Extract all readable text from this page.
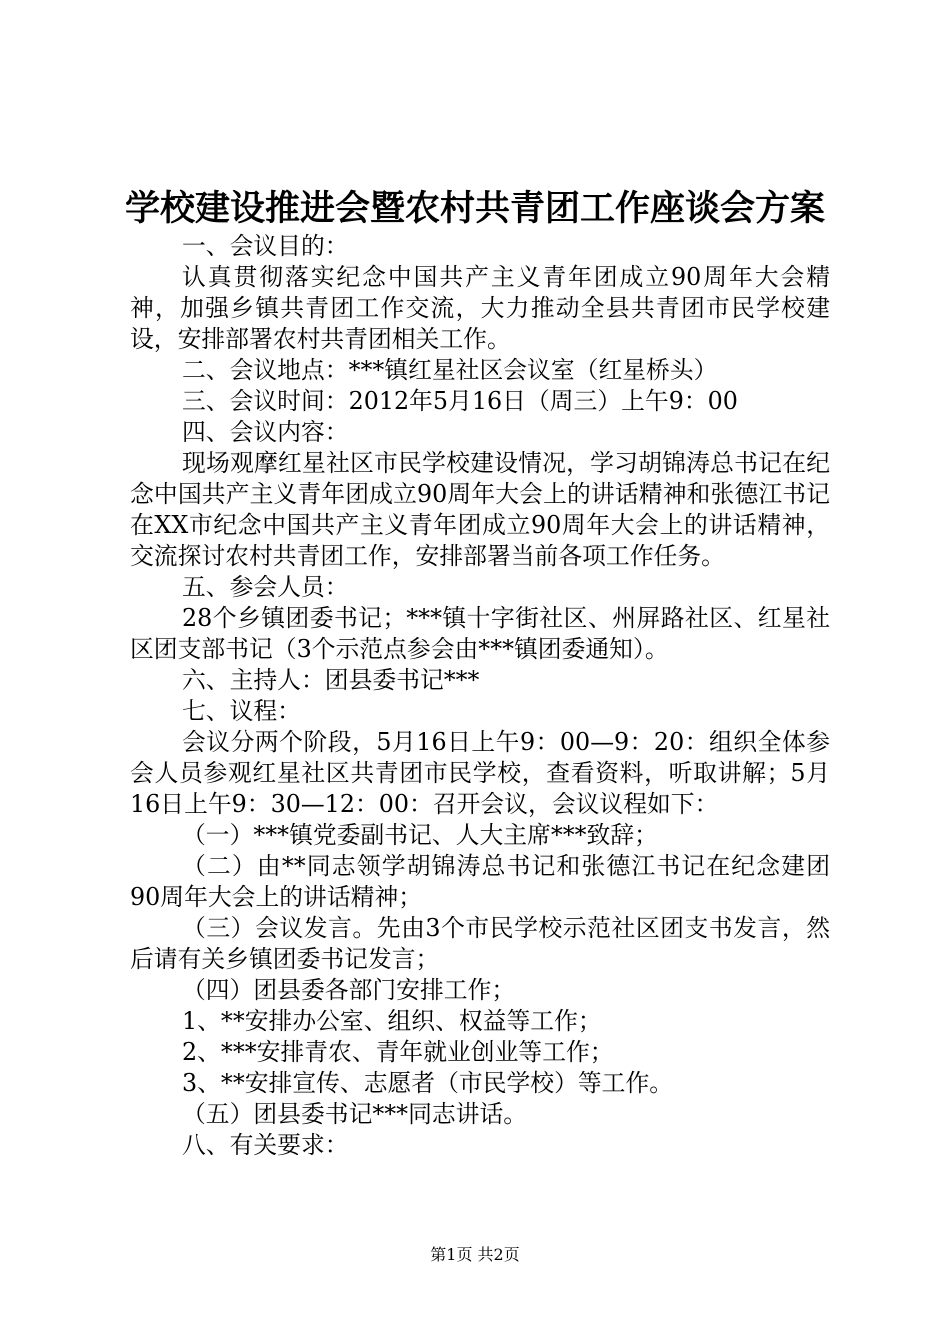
学校建设推进会暨农村共青团工作座谈会方案

一、会议目的：

认真贯彻落实纪念中国共产主义青年团成立90周年大会精神，加强乡镇共青团工作交流，大力推动全县共青团市民学校建设，安排部署农村共青团相关工作。

二、会议地点：***镇红星社区会议室（红星桥头）

三、会议时间：2012年5月16日（周三）上午9：00

四、会议内容：

现场观摩红星社区市民学校建设情况，学习胡锦涛总书记在纪念中国共产主义青年团成立90周年大会上的讲话精神和张德江书记在XX市纪念中国共产主义青年团成立90周年大会上的讲话精神，交流探讨农村共青团工作，安排部署当前各项工作任务。

五、参会人员：

28个乡镇团委书记；***镇十字街社区、州屏路社区、红星社区团支部书记（3个示范点参会由***镇团委通知）。

六、主持人：团县委书记***

七、议程：

会议分两个阶段，5月16日上午9：00—9：20：组织全体参会人员参观红星社区共青团市民学校，查看资料，听取讲解；5月16日上午9：30—12：00：召开会议，会议议程如下：

（一）***镇党委副书记、人大主席***致辞；

（二）由**同志领学胡锦涛总书记和张德江书记在纪念建团90周年大会上的讲话精神；

（三）会议发言。先由3个市民学校示范社区团支书发言，然后请有关乡镇团委书记发言；

（四）团县委各部门安排工作；

1、**安排办公室、组织、权益等工作；

2、***安排青农、青年就业创业等工作；

3、**安排宣传、志愿者（市民学校）等工作。

（五）团县委书记***同志讲话。

八、有关要求：

第1页 共2页
